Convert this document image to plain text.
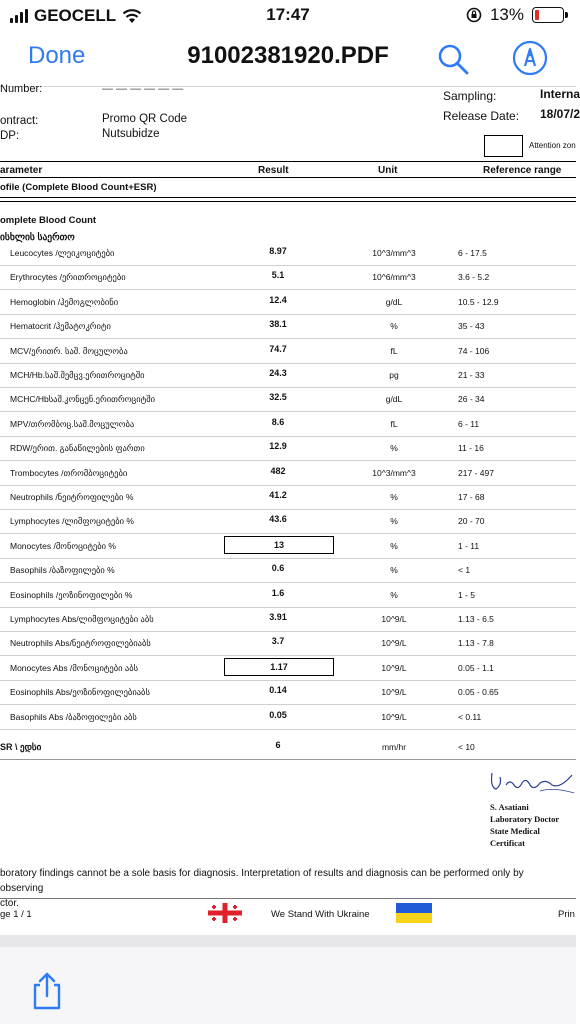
GEOCELL	17:47	13%
Done	91002381920.PDF
Number:	— — — — — —
ontract:	Promo QR Code
DP:	Nutsubidze
Sampling:	Interna
Release Date: 18/07/2
Attention zon
arameter	Result	Unit	Reference range
ofile (Complete Blood Count+ESR)
omplete Blood Count
ისხლის საერთო
Leucocytes /ლეიკოციტები	8.97	10^3/mm^3	6 - 17.5
Erythrocytes /ერითროციტები	5.1	10^6/mm^3	3.6 - 5.2
Hemoglobin /ჰემოგლობინი	12.4	g/dL	10.5 - 12.9
Hematocrit /ჰემატოკრიტი	38.1	%	35 - 43
MCV/ერითრ. საშ. მოცულობა	74.7	fL	74 - 106
MCH/Hb.საშ.შემცვ.ერითროციტში	24.3	pg	21 - 33
MCHC/Hbსაშ.კონცენ.ერითროციტში	32.5	g/dL	26 - 34
MPV/თრომბოც.საშ.მოცულობა	8.6	fL	6 - 11
RDW/ერით. განაწილების ფართი	12.9	%	11 - 16
Trombocytes /თრომბოციტები	482	10^3/mm^3	217 - 497
Neutrophils /ნეიტროფილები %	41.2	%	17 - 68
Lymphocytes /ლიმფოციტები %	43.6	%	20 - 70
Monocytes /მონოციტები %	13	%	1 - 11
Basophils /ბაზოფილები %	0.6	%	< 1
Eosinophils /ეოზინოფილები %	1.6	%	1 - 5
Lymphocytes Abs/ლიმფოციტები აბს	3.91	10^9/L	1.13 - 6.5
Neutrophils Abs/ნეიტროფილებიაბს	3.7	10^9/L	1.13 - 7.8
Monocytes Abs /მონოციტები აბს	1.17	10^9/L	0.05 - 1.1
Eosinophils Abs/ეოზინოფილებიაბს	0.14	10^9/L	0.05 - 0.65
Basophils Abs /ბაზოფილები აბს	0.05	10^9/L	< 0.11
SR \ ედსი	6	mm/hr	< 10
S. Asatiani
Laboratory Doctor
State Medical Certificat
boratory findings cannot be a sole basis for diagnosis. Interpretation of results and diagnosis can be performed only by observing
ctor.
ge 1 / 1	We Stand With Ukraine	Prin
